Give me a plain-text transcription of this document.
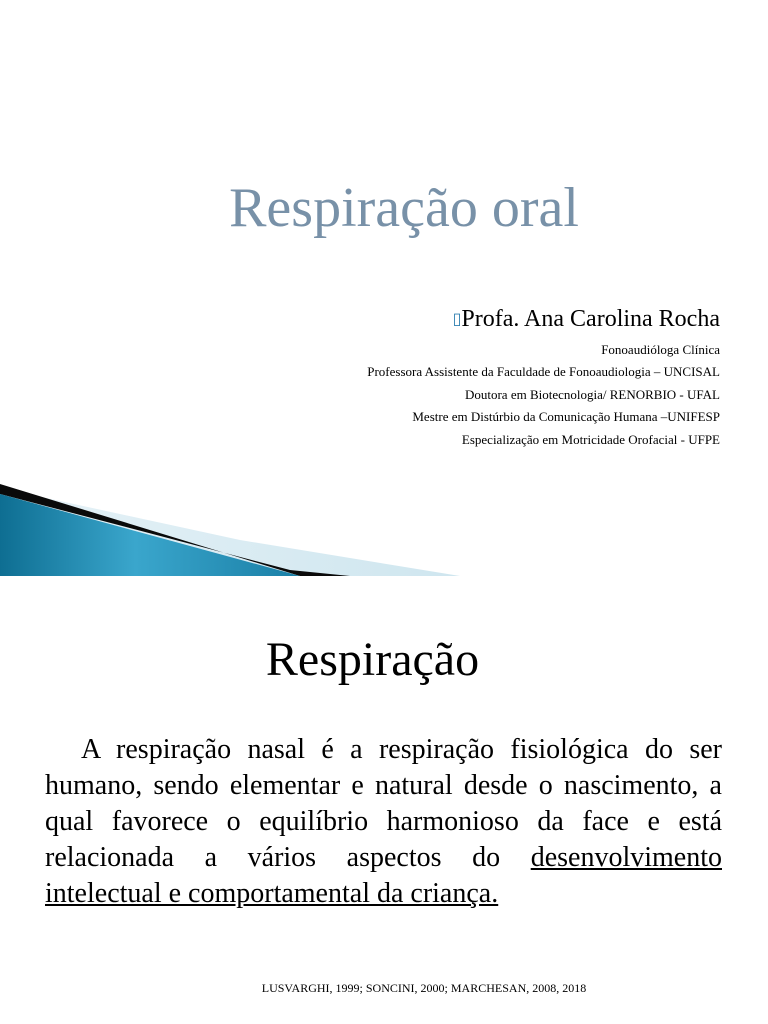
Respiração oral
▯Profa. Ana Carolina Rocha
Fonoaudióloga Clínica
Professora Assistente da Faculdade de Fonoaudiologia – UNCISAL
Doutora em Biotecnologia/ RENORBIO - UFAL
Mestre em Distúrbio da Comunicação Humana –UNIFESP
Especialização em Motricidade Orofacial - UFPE
Respiração
A respiração nasal é a respiração fisiológica do ser humano, sendo elementar e natural desde o nascimento, a qual favorece o equilíbrio harmonioso da face e está relacionada a vários aspectos do desenvolvimento intelectual e comportamental da criança.
LUSVARGHI, 1999; SONCINI, 2000; MARCHESAN, 2008, 2018
